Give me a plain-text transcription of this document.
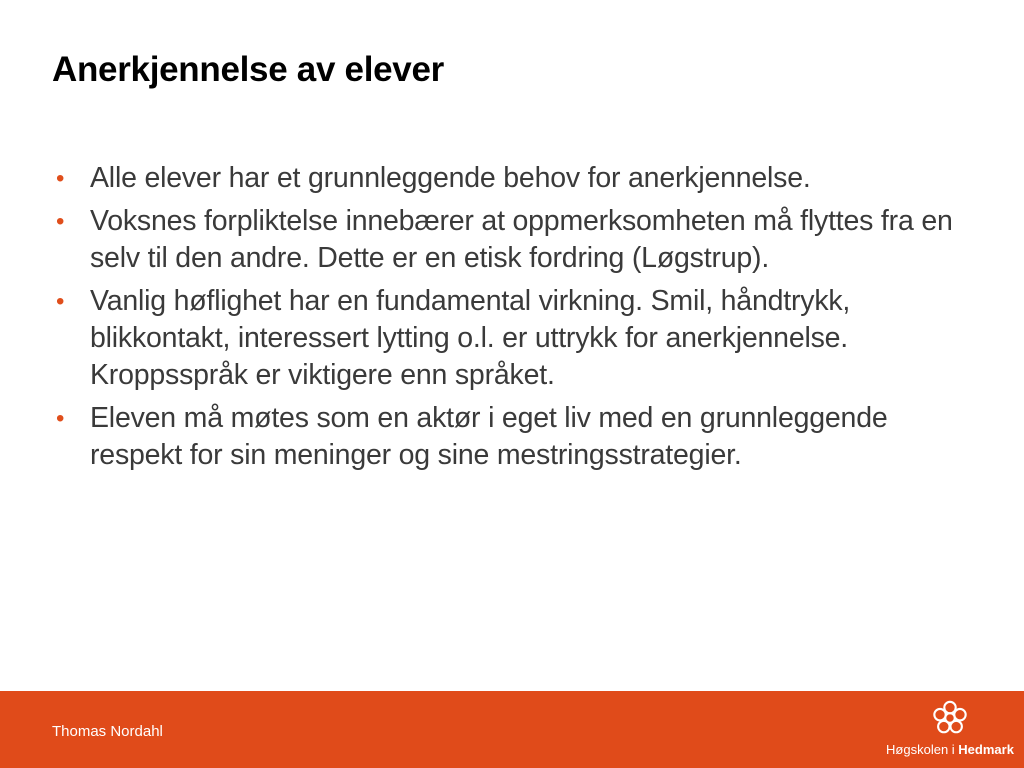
Anerkjennelse av elever
• Alle elever har et grunnleggende behov for anerkjennelse.
• Voksnes forpliktelse innebærer at oppmerksomheten må flyttes fra en selv til den andre. Dette er en etisk fordring (Løgstrup).
• Vanlig høflighet har en fundamental virkning. Smil, håndtrykk, blikkontakt, interessert lytting o.l. er uttrykk for anerkjennelse. Kroppsspråk er viktigere enn språket.
• Eleven må møtes som en aktør i eget liv med en grunnleggende respekt for sin meninger og sine mestringsstrategier.
Thomas Nordahl
Høgskolen i Hedmark
